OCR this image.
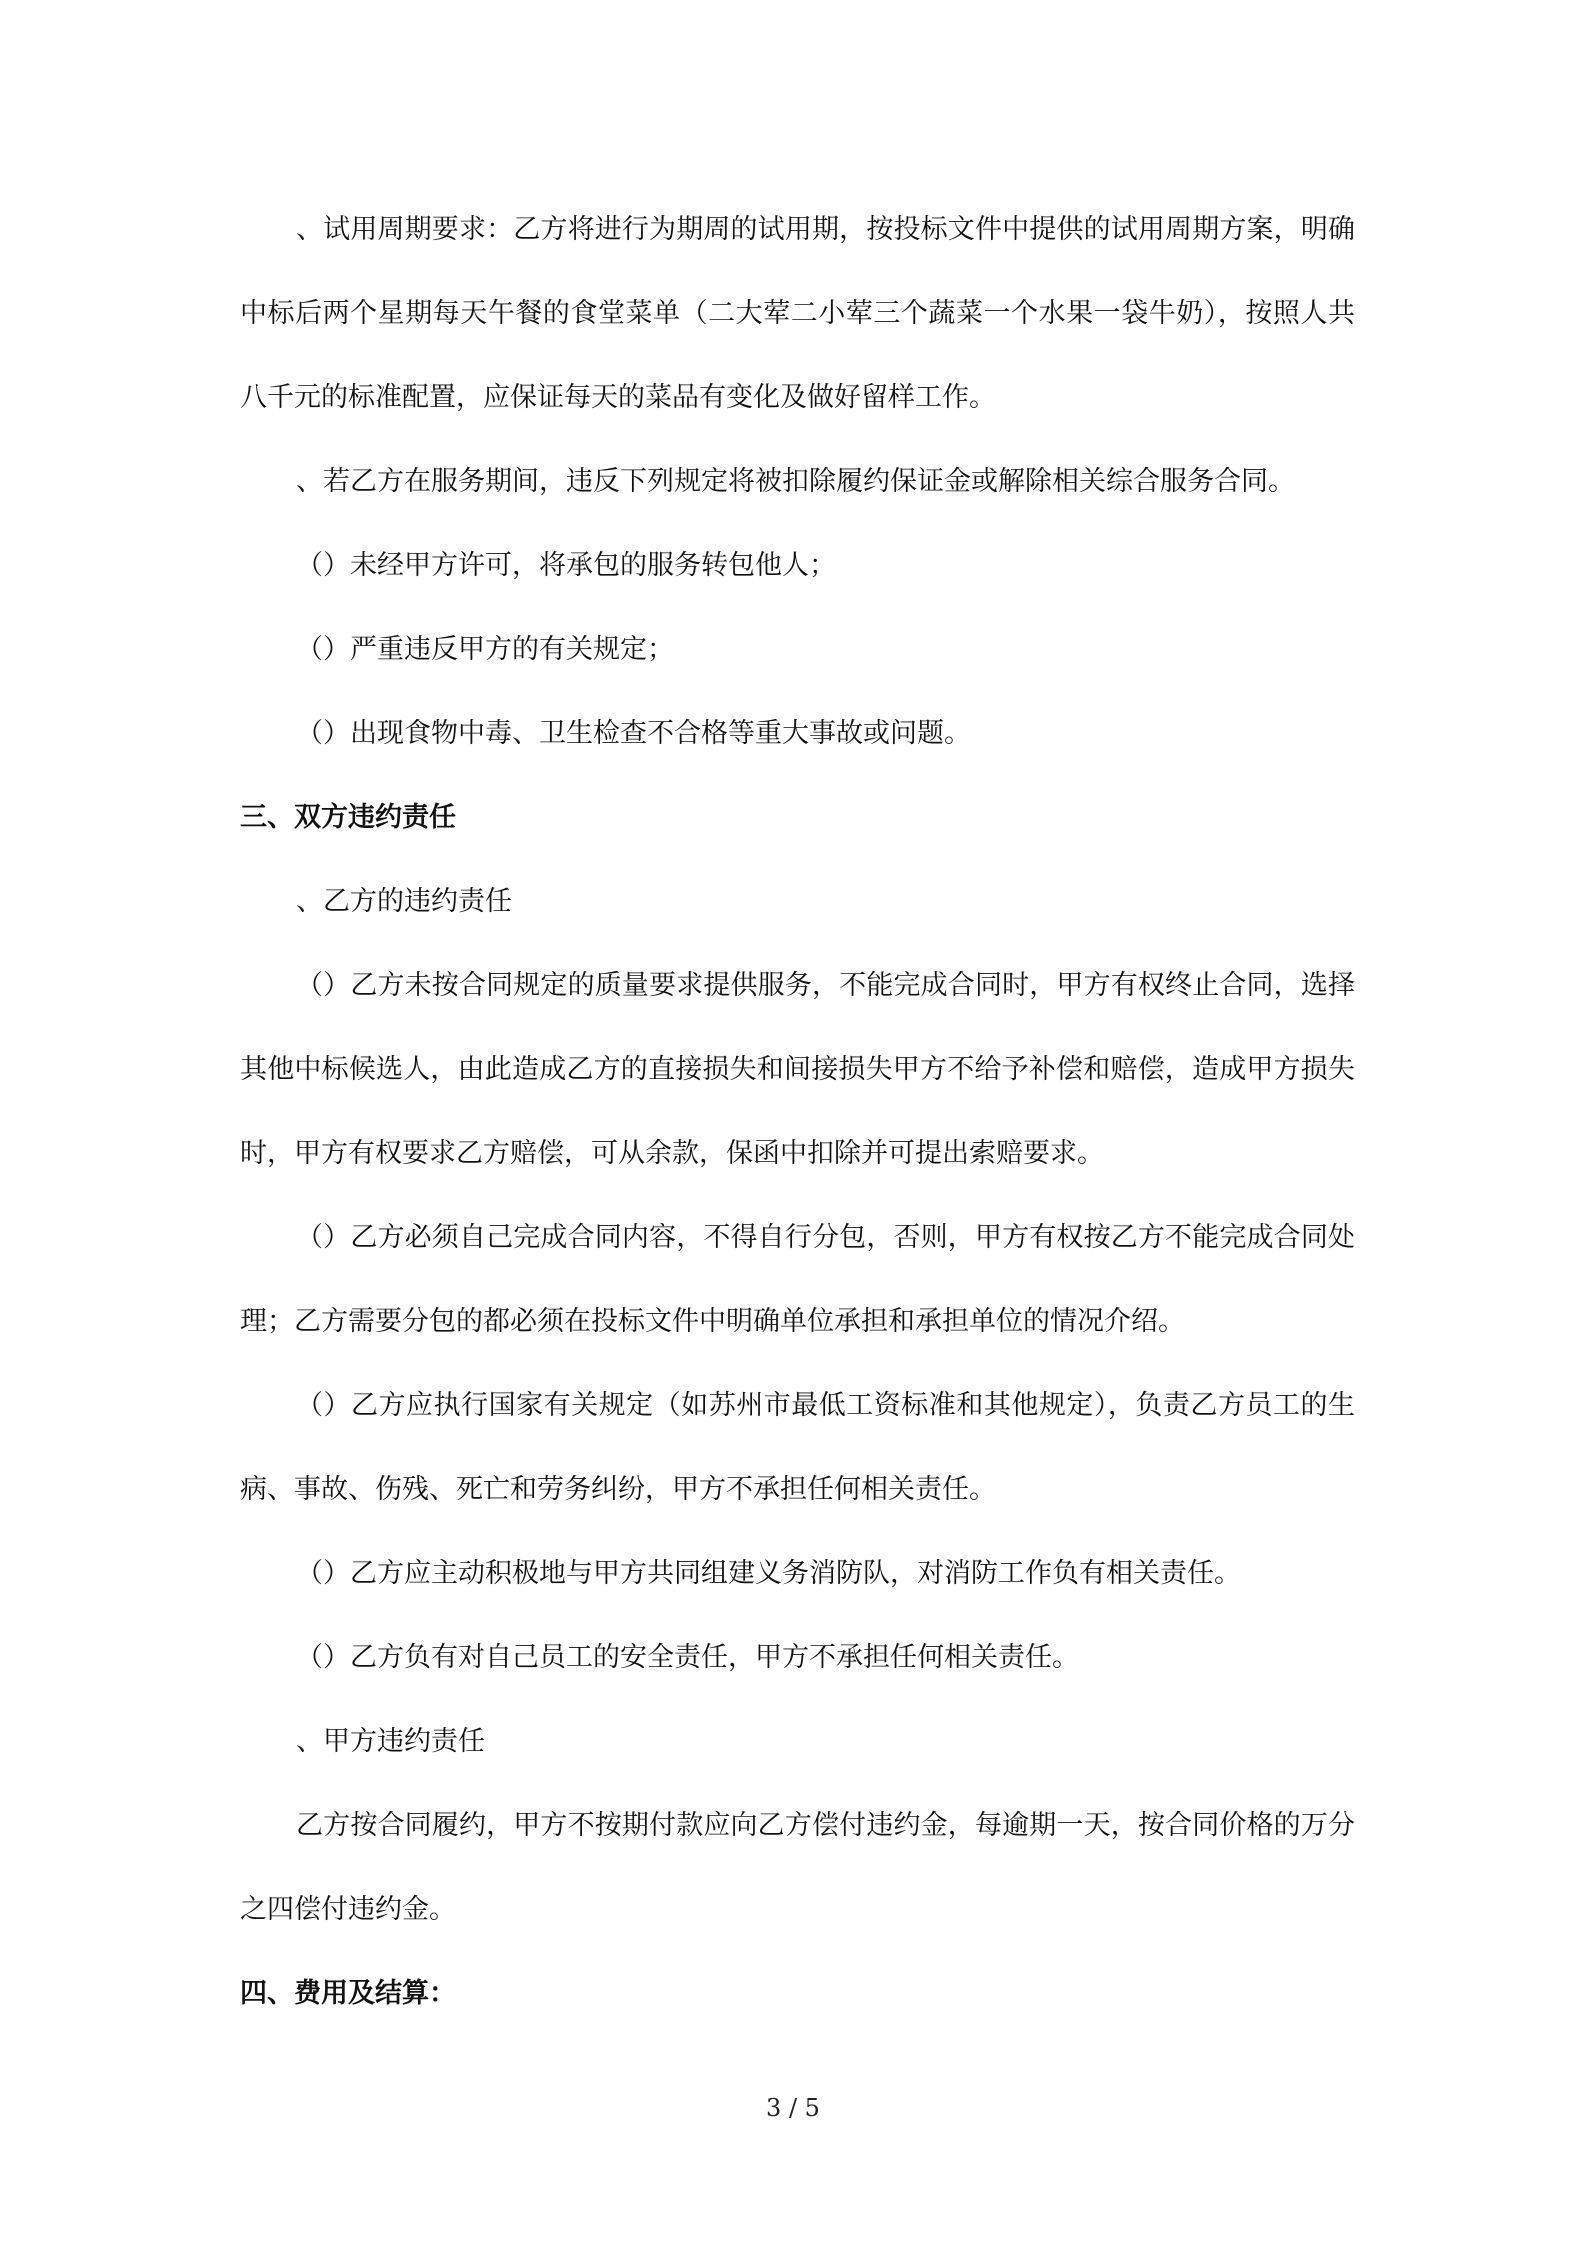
、试用周期要求：乙方将进行为期周的试用期，按投标文件中提供的试用周期方案，明确中标后两个星期每天午餐的食堂菜单（二大荤二小荤三个蔬菜一个水果一袋牛奶），按照人共八千元的标准配置，应保证每天的菜品有变化及做好留样工作。

、若乙方在服务期间，违反下列规定将被扣除履约保证金或解除相关综合服务合同。

（）未经甲方许可，将承包的服务转包他人；

（）严重违反甲方的有关规定；

（）出现食物中毒、卫生检查不合格等重大事故或问题。

三、双方违约责任

、乙方的违约责任

（）乙方未按合同规定的质量要求提供服务，不能完成合同时，甲方有权终止合同，选择其他中标候选人，由此造成乙方的直接损失和间接损失甲方不给予补偿和赔偿，造成甲方损失时，甲方有权要求乙方赔偿，可从余款，保函中扣除并可提出索赔要求。

（）乙方必须自己完成合同内容，不得自行分包，否则，甲方有权按乙方不能完成合同处理；乙方需要分包的都必须在投标文件中明确单位承担和承担单位的情况介绍。

（）乙方应执行国家有关规定（如苏州市最低工资标准和其他规定），负责乙方员工的生病、事故、伤残、死亡和劳务纠纷，甲方不承担任何相关责任。

（）乙方应主动积极地与甲方共同组建义务消防队，对消防工作负有相关责任。

（）乙方负有对自己员工的安全责任，甲方不承担任何相关责任。

、甲方违约责任

乙方按合同履约，甲方不按期付款应向乙方偿付违约金，每逾期一天，按合同价格的万分之四偿付违约金。

四、费用及结算：

3 / 5
